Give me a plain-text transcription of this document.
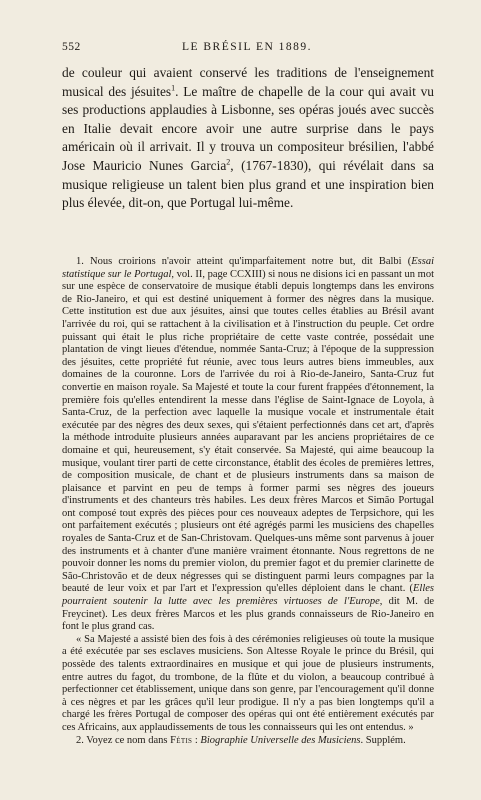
552	LE BRÉSIL EN 1889.

de couleur qui avaient conservé les traditions de l'enseignement musical des jésuites$^1$. Le maître de chapelle de la cour qui avait vu ses productions applaudies à Lisbonne, ses opéras joués avec succès en Italie devait encore avoir une autre surprise dans le pays américain où il arrivait. Il y trouva un compositeur brésilien, l'abbé Jose Mauricio Nunes Garcia$^2$, (1767-1830), qui révélait dans sa musique religieuse un talent bien plus grand et une inspiration bien plus élevée, dit-on, que Portugal lui-même.

1. Nous croirions n'avoir atteint qu'imparfaitement notre but, dit Balbi (Essai statistique sur le Portugal, vol. II, page CCXIII) si nous ne disions ici en passant un mot sur une espèce de conservatoire de musique établi depuis longtemps dans les environs de Rio-Janeiro, et qui est destiné uniquement à former des nègres dans la musique. Cette institution est due aux jésuites, ainsi que toutes celles établies au Brésil avant l'arrivée du roi, qui se rattachent à la civilisation et à l'instruction du peuple. Cet ordre puissant qui était le plus riche propriétaire de cette vaste contrée, possédait une plantation de vingt lieues d'étendue, nommée Santa-Cruz; à l'époque de la suppression des jésuites, cette propriété fut réunie, avec tous leurs autres biens immeubles, aux domaines de la couronne. Lors de l'arrivée du roi à Rio-de-Janeiro, Santa-Cruz fut convertie en maison royale. Sa Majesté et toute la cour furent frappées d'étonnement, la première fois qu'elles entendirent la messe dans l'église de Saint-Ignace de Loyola, à Santa-Cruz, de la perfection avec laquelle la musique vocale et instrumentale était exécutée par des nègres des deux sexes, qui s'étaient perfectionnés dans cet art, d'après la méthode introduite plusieurs années auparavant par les anciens propriétaires de ce domaine et qui, heureusement, s'y était conservée. Sa Majesté, qui aime beaucoup la musique, voulant tirer parti de cette circonstance, établit des écoles de premières lettres, de composition musicale, de chant et de plusieurs instruments dans sa maison de plaisance et parvint en peu de temps à former parmi ses nègres des joueurs d'instruments et des chanteurs très habiles. Les deux frères Marcos et Simão Portugal ont composé tout exprès des pièces pour ces nouveaux adeptes de Terpsichore, qui les ont parfaitement exécutés ; plusieurs ont été agrégés parmi les musiciens des chapelles royales de Santa-Cruz et de San-Christovam. Quelques-uns même sont parvenus à jouer des instruments et à chanter d'une manière vraiment étonnante. Nous regrettons de ne pouvoir donner les noms du premier violon, du premier fagot et du premier clarinette de São-Christovão et de deux négresses qui se distinguent parmi leurs compagnes par la beauté de leur voix et par l'art et l'expression qu'elles déploient dans le chant. (Elles pourraient soutenir la lutte avec les premières virtuoses de l'Europe, dit M. de Freycinet). Les deux frères Marcos et les plus grands connaisseurs de Rio-Janeiro en font le plus grand cas.

« Sa Majesté a assisté bien des fois à des cérémonies religieuses où toute la musique a été exécutée par ses esclaves musiciens. Son Altesse Royale le prince du Brésil, qui possède des talents extraordinaires en musique et qui joue de plusieurs instruments, entre autres du fagot, du trombone, de la flûte et du violon, a beaucoup contribué à perfectionner cet établissement, unique dans son genre, par l'encouragement qu'il donne à ces nègres et par les grâces qu'il leur prodigue. Il n'y a pas bien longtemps qu'il a chargé les frères Portugal de composer des opéras qui ont été entièrement exécutés par ces Africains, aux applaudissements de tous les connaisseurs qui les ont entendus. »

2. Voyez ce nom dans Fétis : Biographie Universelle des Musiciens. Supplém.
